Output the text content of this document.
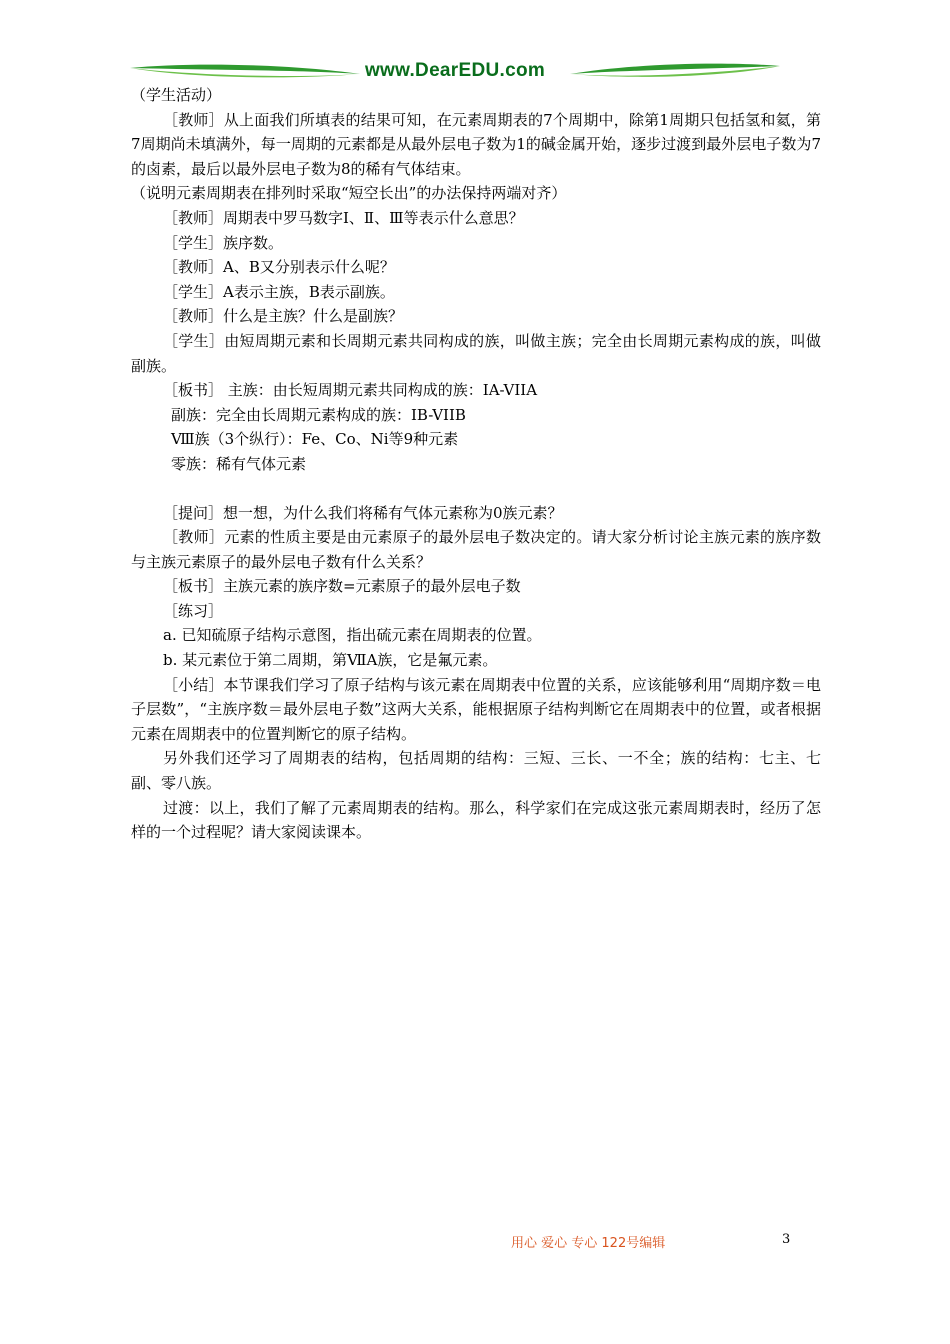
www.DearEDU.com

（学生活动）

［教师］从上面我们所填表的结果可知，在元素周期表的7个周期中，除第1周期只包括氢和氦，第7周期尚未填满外，每一周期的元素都是从最外层电子数为1的碱金属开始，逐步过渡到最外层电子数为7的卤素，最后以最外层电子数为8的稀有气体结束。

（说明元素周期表在排列时采取“短空长出”的办法保持两端对齐）

［教师］周期表中罗马数字Ⅰ、Ⅱ、Ⅲ等表示什么意思？

［学生］族序数。

［教师］A、B又分别表示什么呢？

［学生］A表示主族，B表示副族。

［教师］什么是主族？什么是副族？

［学生］由短周期元素和长周期元素共同构成的族，叫做主族；完全由长周期元素构成的族，叫做副族。

［板书］ 主族：由长短周期元素共同构成的族：IA-VIIA

副族：完全由长周期元素构成的族：IB-VIIB

Ⅷ族（3个纵行）：Fe、Co、Ni等9种元素

零族：稀有气体元素

［提问］想一想，为什么我们将稀有气体元素称为0族元素？

［教师］元素的性质主要是由元素原子的最外层电子数决定的。请大家分析讨论主族元素的族序数与主族元素原子的最外层电子数有什么关系？

［板书］主族元素的族序数=元素原子的最外层电子数

［练习］

a. 已知硫原子结构示意图，指出硫元素在周期表的位置。

b. 某元素位于第二周期，第ⅦA族，它是氟元素。

［小结］本节课我们学习了原子结构与该元素在周期表中位置的关系，应该能够利用“周期序数＝电子层数”，“主族序数＝最外层电子数”这两大关系，能根据原子结构判断它在周期表中的位置，或者根据元素在周期表中的位置判断它的原子结构。

另外我们还学习了周期表的结构，包括周期的结构：三短、三长、一不全；族的结构：七主、七副、零八族。

过渡：以上，我们了解了元素周期表的结构。那么，科学家们在完成这张元素周期表时，经历了怎样的一个过程呢？请大家阅读课本。

用心 爱心 专心 122号编辑	3
